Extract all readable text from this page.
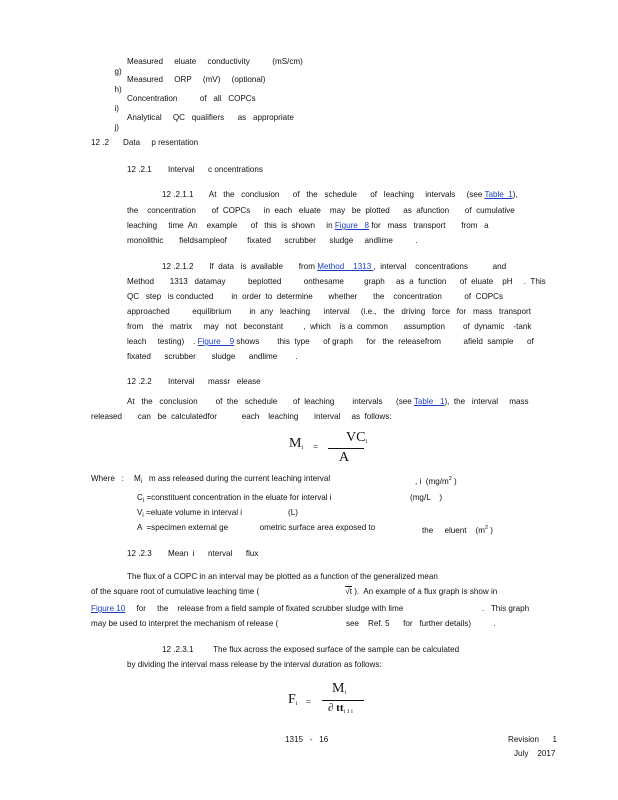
g)

Measured     eluate     conductivity          (mS/cm)

h)

Measured     ORP     (mV)     (optional)

i)

Concentration          of   all   COPCs

j)

Analytical     QC   qualifiers      as   appropriate
12 .2 Data     p resentation
12 .2.1 Interval      c oncentrations
12 .2.1.1       At   the   conclusion      of   the   schedule      of   leaching     intervals     (see Table  1),
the    concentration       of  COPCs      in  each   eluate    may   be  plotted      as  afunction       of  cumulative
leaching     time  An    example      of   this  is  shown     in Figure   8 for   mass   transport       from   a
monolithic       fieldsampleof         fixated      scrubber      sludge     andlime          .
12 .2.1.2       If  data   is  available       from Method    1313 ,  interval    concentrations           and
Method       1313   datamay          beplotted          onthesame         graph     as  a  function      of  eluate    pH     .  This
QC   step   is conducted        in  order  to  determine       whether       the    concentration          of  COPCs
approached          equilibrium        in  any   leaching      interval     (i.e.,   the   driving   force   for   mass   transport
from    the   matrix     may   not   beconstant         ,  which    is a  common       assumption        of  dynamic    -tank
leach     testing)    . Figure    9 shows        this  type      of graph      for   the  releasefrom          afield  sample      of
fixated      scrubber       sludge      andlime        .
12 .2.2 Interval      massr   elease
At   the   conclusion        of  the   schedule       of  leaching        intervals      (see Table   1),  the   interval     mass
released       can   be  calculatedfor           each    leaching       interval     as  follows:
$M_i$ =
$VC_i$
A
Where   : $M_i$   m ass released during the current leaching interval	, i  ($mg/m^2$ )
$C_i$ =constituent concentration in the eluate for interval i	(mg/L    )
$V_i$ =eluate volume in interval i	(L)
A  =specimen external ge              ometric surface area exposed to	the     eluent    ($m^2$ )
12 .2.3 Mean  i      nterval      flux
The flux of a COPC in an interval may be plotted as a function of the generalized mean
of the square root of cumulative leaching time (	√t ).  An example of a flux graph is show in
Figure 10     for     the    release from a field sample of fixated scrubber sludge with lime	.   This graph
may be used to interpret the mechanism of release (	see    Ref. 5      for   further details)          .
12 .2.3.1 The flux across the exposed surface of the sample can be calculated
by dividing the interval mass release by the interval duration as follows:
$F_i$ =
$M_i$
∂ $tt_{i 1 i}$
1315   -   16	Revision      1
July    2017
